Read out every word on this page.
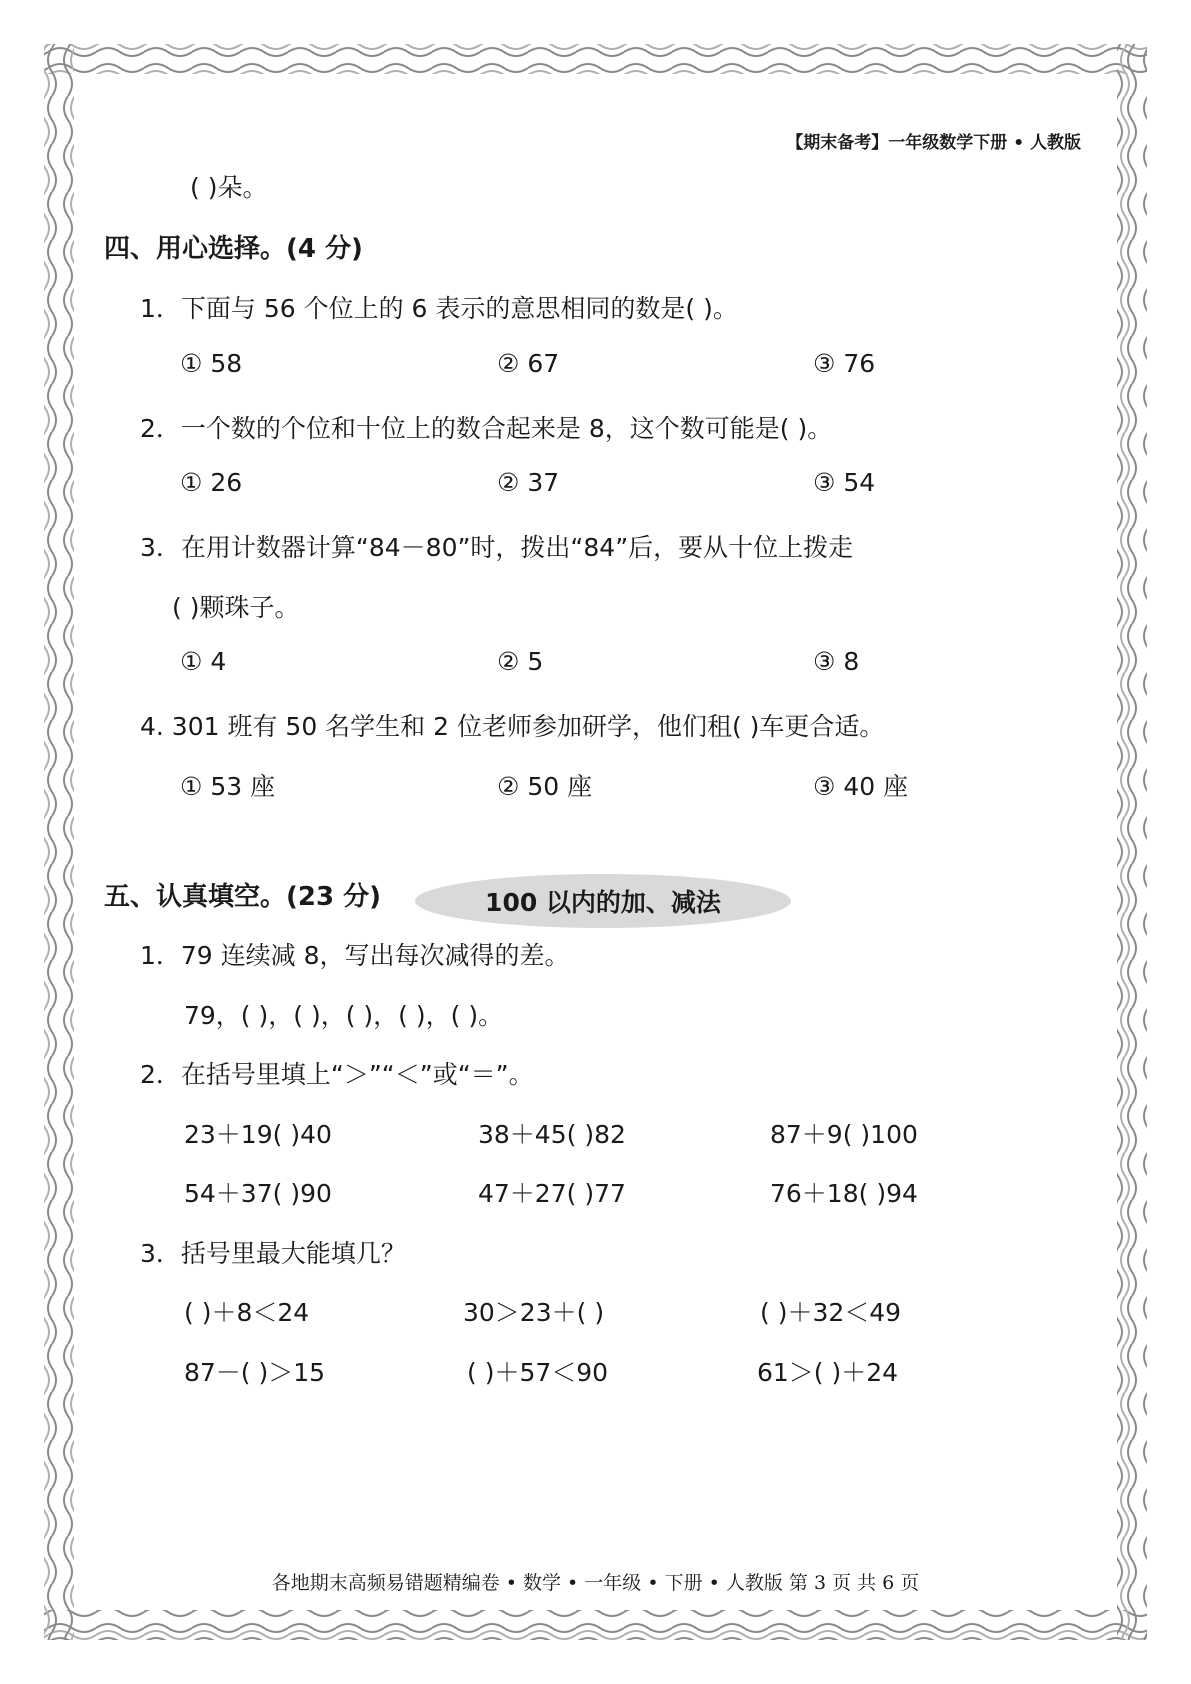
【期末备考】一年级数学下册 • 人教版
( )朵。
四、用心选择。(4 分)
1．下面与 56 个位上的 6 表示的意思相同的数是( )。
① 58	② 67	③ 76
2．一个数的个位和十位上的数合起来是 8，这个数可能是( )。
① 26	② 37	③ 54
3．在用计数器计算“84－80”时，拨出“84”后，要从十位上拨走
( )颗珠子。
① 4	② 5	③ 8
4. 301 班有 50 名学生和 2 位老师参加研学，他们租( )车更合适。
① 53 座	② 50 座	③ 40 座
100 以内的加、减法
五、认真填空。(23 分)
1．79 连续减 8，写出每次减得的差。
79，( )，( )，( )，( )，( )。
2．在括号里填上“＞”“＜”或“＝”。
23＋19( )40	38＋45( )82	87＋9( )100
54＋37( )90	47＋27( )77	76＋18( )94
3．括号里最大能填几？
( )＋8＜24	30＞23＋( )	( )＋32＜49
87－( )＞15	( )＋57＜90	61＞( )＋24
各地期末高频易错题精编卷 • 数学 • 一年级 • 下册 • 人教版 第 3 页 共 6 页
